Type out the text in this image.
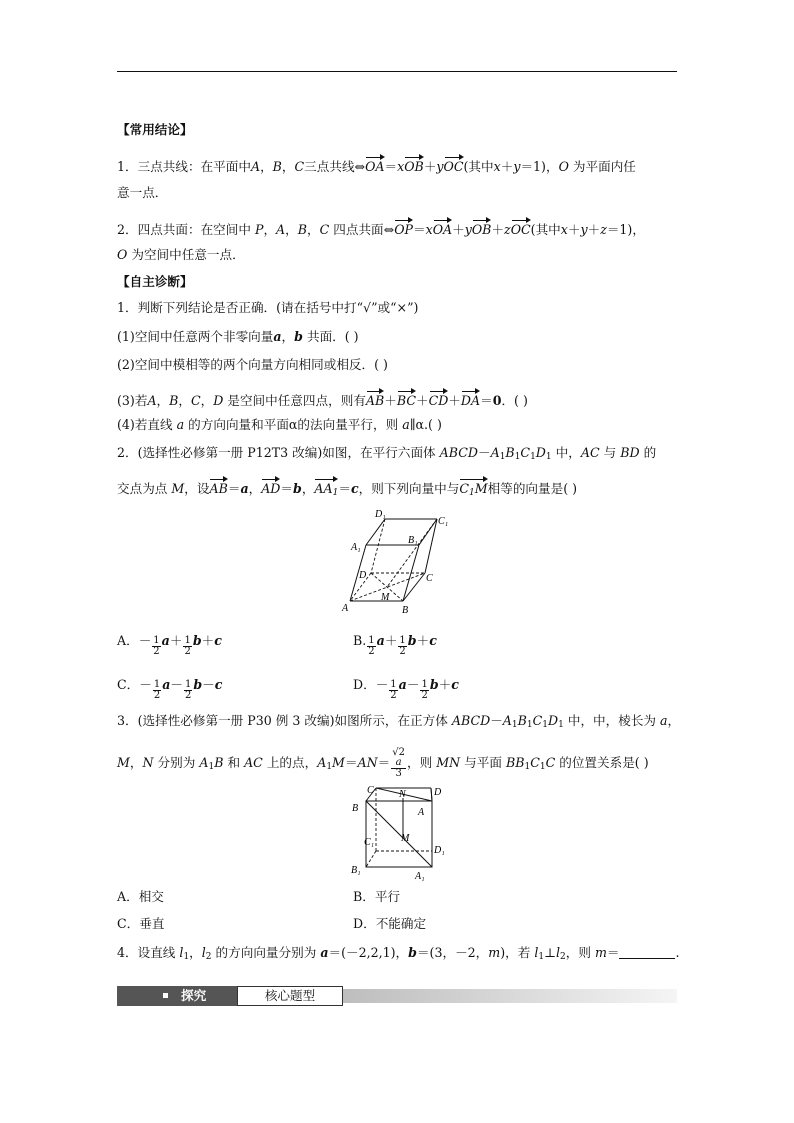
【常用结论】
1．三点共线：在平面中A，B，C三点共线⇔OA＝xOB＋yOC(其中x＋y＝1)，O 为平面内任
意一点．
2．四点共面：在空间中 P，A，B，C 四点共面⇔OP＝xOA＋yOB＋zOC(其中x＋y＋z＝1)，
O 为空间中任意一点．
【自主诊断】
1．判断下列结论是否正确．(请在括号中打“√”或“×”)
(1)空间中任意两个非零向量a，b 共面．( )
(2)空间中模相等的两个向量方向相同或相反．( )
(3)若A，B，C，D 是空间中任意四点，则有AB＋BC＋CD＋DA＝0．( )
(4)若直线 a 的方向向量和平面α的法向量平行，则 a∥α.( )
2．(选择性必修第一册 P12T3 改编)如图，在平行六面体 $ABCD-A_1B_1C_1D_1$ 中，AC 与 BD 的
交点为点 M，设AB＝a，AD＝b，$AA_1=c$，则下列向量中与$C_1M$相等的向量是( )
D₁
C₁
A₁
B₁
D	C
M
A	B
A．－ $\frac{1}{2} a+ \frac{1}{2} b+c$	B. $\frac{1}{2} a+ \frac{1}{2} b+c$
C．－ $\frac{1}{2} a- \frac{1}{2} b-c$	D．－ $\frac{1}{2} a- \frac{1}{2} b+c$
3．(选择性必修第一册 P30 例 3 改编)如图所示，在正方体 $ABCD-A_1B_1C_1D_1$ 中，中，棱长为 a，
M，N 分别为 $A_1B$ 和 AC 上的点，$A_1M=AN= √2$
a
3 ，则 MN 与平面 $BB_1C_1C$ 的位置关系是( )
C	N	D
B	A
C₁	M
D₁
B₁
A₁
A．相交	B．平行
C．垂直	D．不能确定
4．设直线 $l_1$，$l_2$ 的方向向量分别为 a＝(－2,2,1)，b＝(3，－2，m)，若 $l_1\perp l_2$，则 m＝	.
探究	核心题型
